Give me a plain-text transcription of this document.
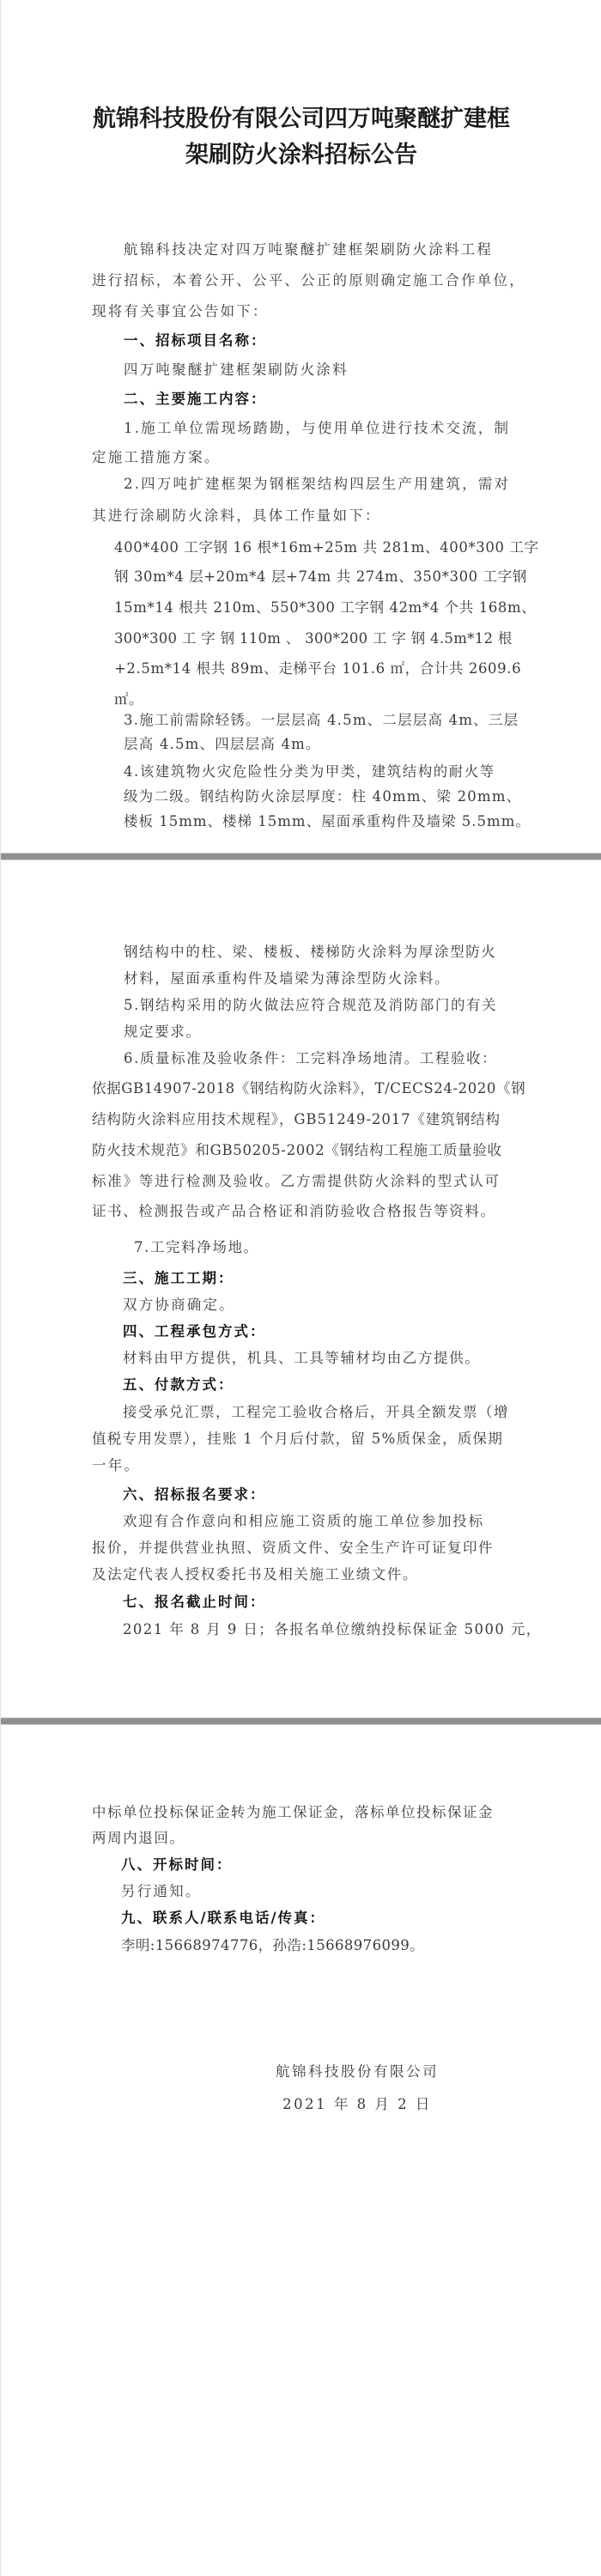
航锦科技股份有限公司四万吨聚醚扩建框
架刷防火涂料招标公告
航锦科技决定对四万吨聚醚扩建框架刷防火涂料工程
进行招标，本着公开、公平、公正的原则确定施工合作单位，
现将有关事宜公告如下：
一、招标项目名称：
四万吨聚醚扩建框架刷防火涂料
二、主要施工内容：
1.施工单位需现场踏勘，与使用单位进行技术交流，制
定施工措施方案。
2.四万吨扩建框架为钢框架结构四层生产用建筑，需对
其进行涂刷防火涂料，具体工作量如下：
400*400 工字钢 16 根*16m+25m 共 281m、400*300 工字
钢 30m*4 层+20m*4 层+74m 共 274m、350*300 工字钢
15m*14 根共 210m、550*300 工字钢 42m*4 个共 168m、
300*300 工 字 钢 110m 、 300*200 工 字 钢 4.5m*12 根
+2.5m*14 根共 89m、走梯平台 101.6 ㎡，合计共 2609.6
㎡。
3.施工前需除轻锈。一层层高 4.5m、二层层高 4m、三层
层高 4.5m、四层层高 4m。
4.该建筑物火灾危险性分类为甲类，建筑结构的耐火等
级为二级。钢结构防火涂层厚度：柱 40mm、梁 20mm、
楼板 15mm、楼梯 15mm、屋面承重构件及墙梁 5.5mm。
钢结构中的柱、梁、楼板、楼梯防火涂料为厚涂型防火
材料，屋面承重构件及墙梁为薄涂型防火涂料。
5.钢结构采用的防火做法应符合规范及消防部门的有关
规定要求。
6.质量标准及验收条件：工完料净场地清。工程验收：
依据GB14907-2018《钢结构防火涂料》，T/CECS24-2020《钢
结构防火涂料应用技术规程》，GB51249-2017《建筑钢结构
防火技术规范》和GB50205-2002《钢结构工程施工质量验收
标准》等进行检测及验收。乙方需提供防火涂料的型式认可
证书、检测报告或产品合格证和消防验收合格报告等资料。
7.工完料净场地。
三、施工工期：
双方协商确定。
四、工程承包方式：
材料由甲方提供，机具、工具等辅材均由乙方提供。
五、付款方式：
接受承兑汇票，工程完工验收合格后，开具全额发票（增
值税专用发票），挂账 1 个月后付款，留 5%质保金，质保期
一年。
六、招标报名要求：
欢迎有合作意向和相应施工资质的施工单位参加投标
报价，并提供营业执照、资质文件、安全生产许可证复印件
及法定代表人授权委托书及相关施工业绩文件。
七、报名截止时间：
2021 年 8 月 9 日；各报名单位缴纳投标保证金 5000 元，
中标单位投标保证金转为施工保证金，落标单位投标保证金
两周内退回。
八、开标时间：
另行通知。
九、联系人/联系电话/传真：
李明:15668974776，孙浩:15668976099。
航锦科技股份有限公司
2021 年 8 月 2 日
